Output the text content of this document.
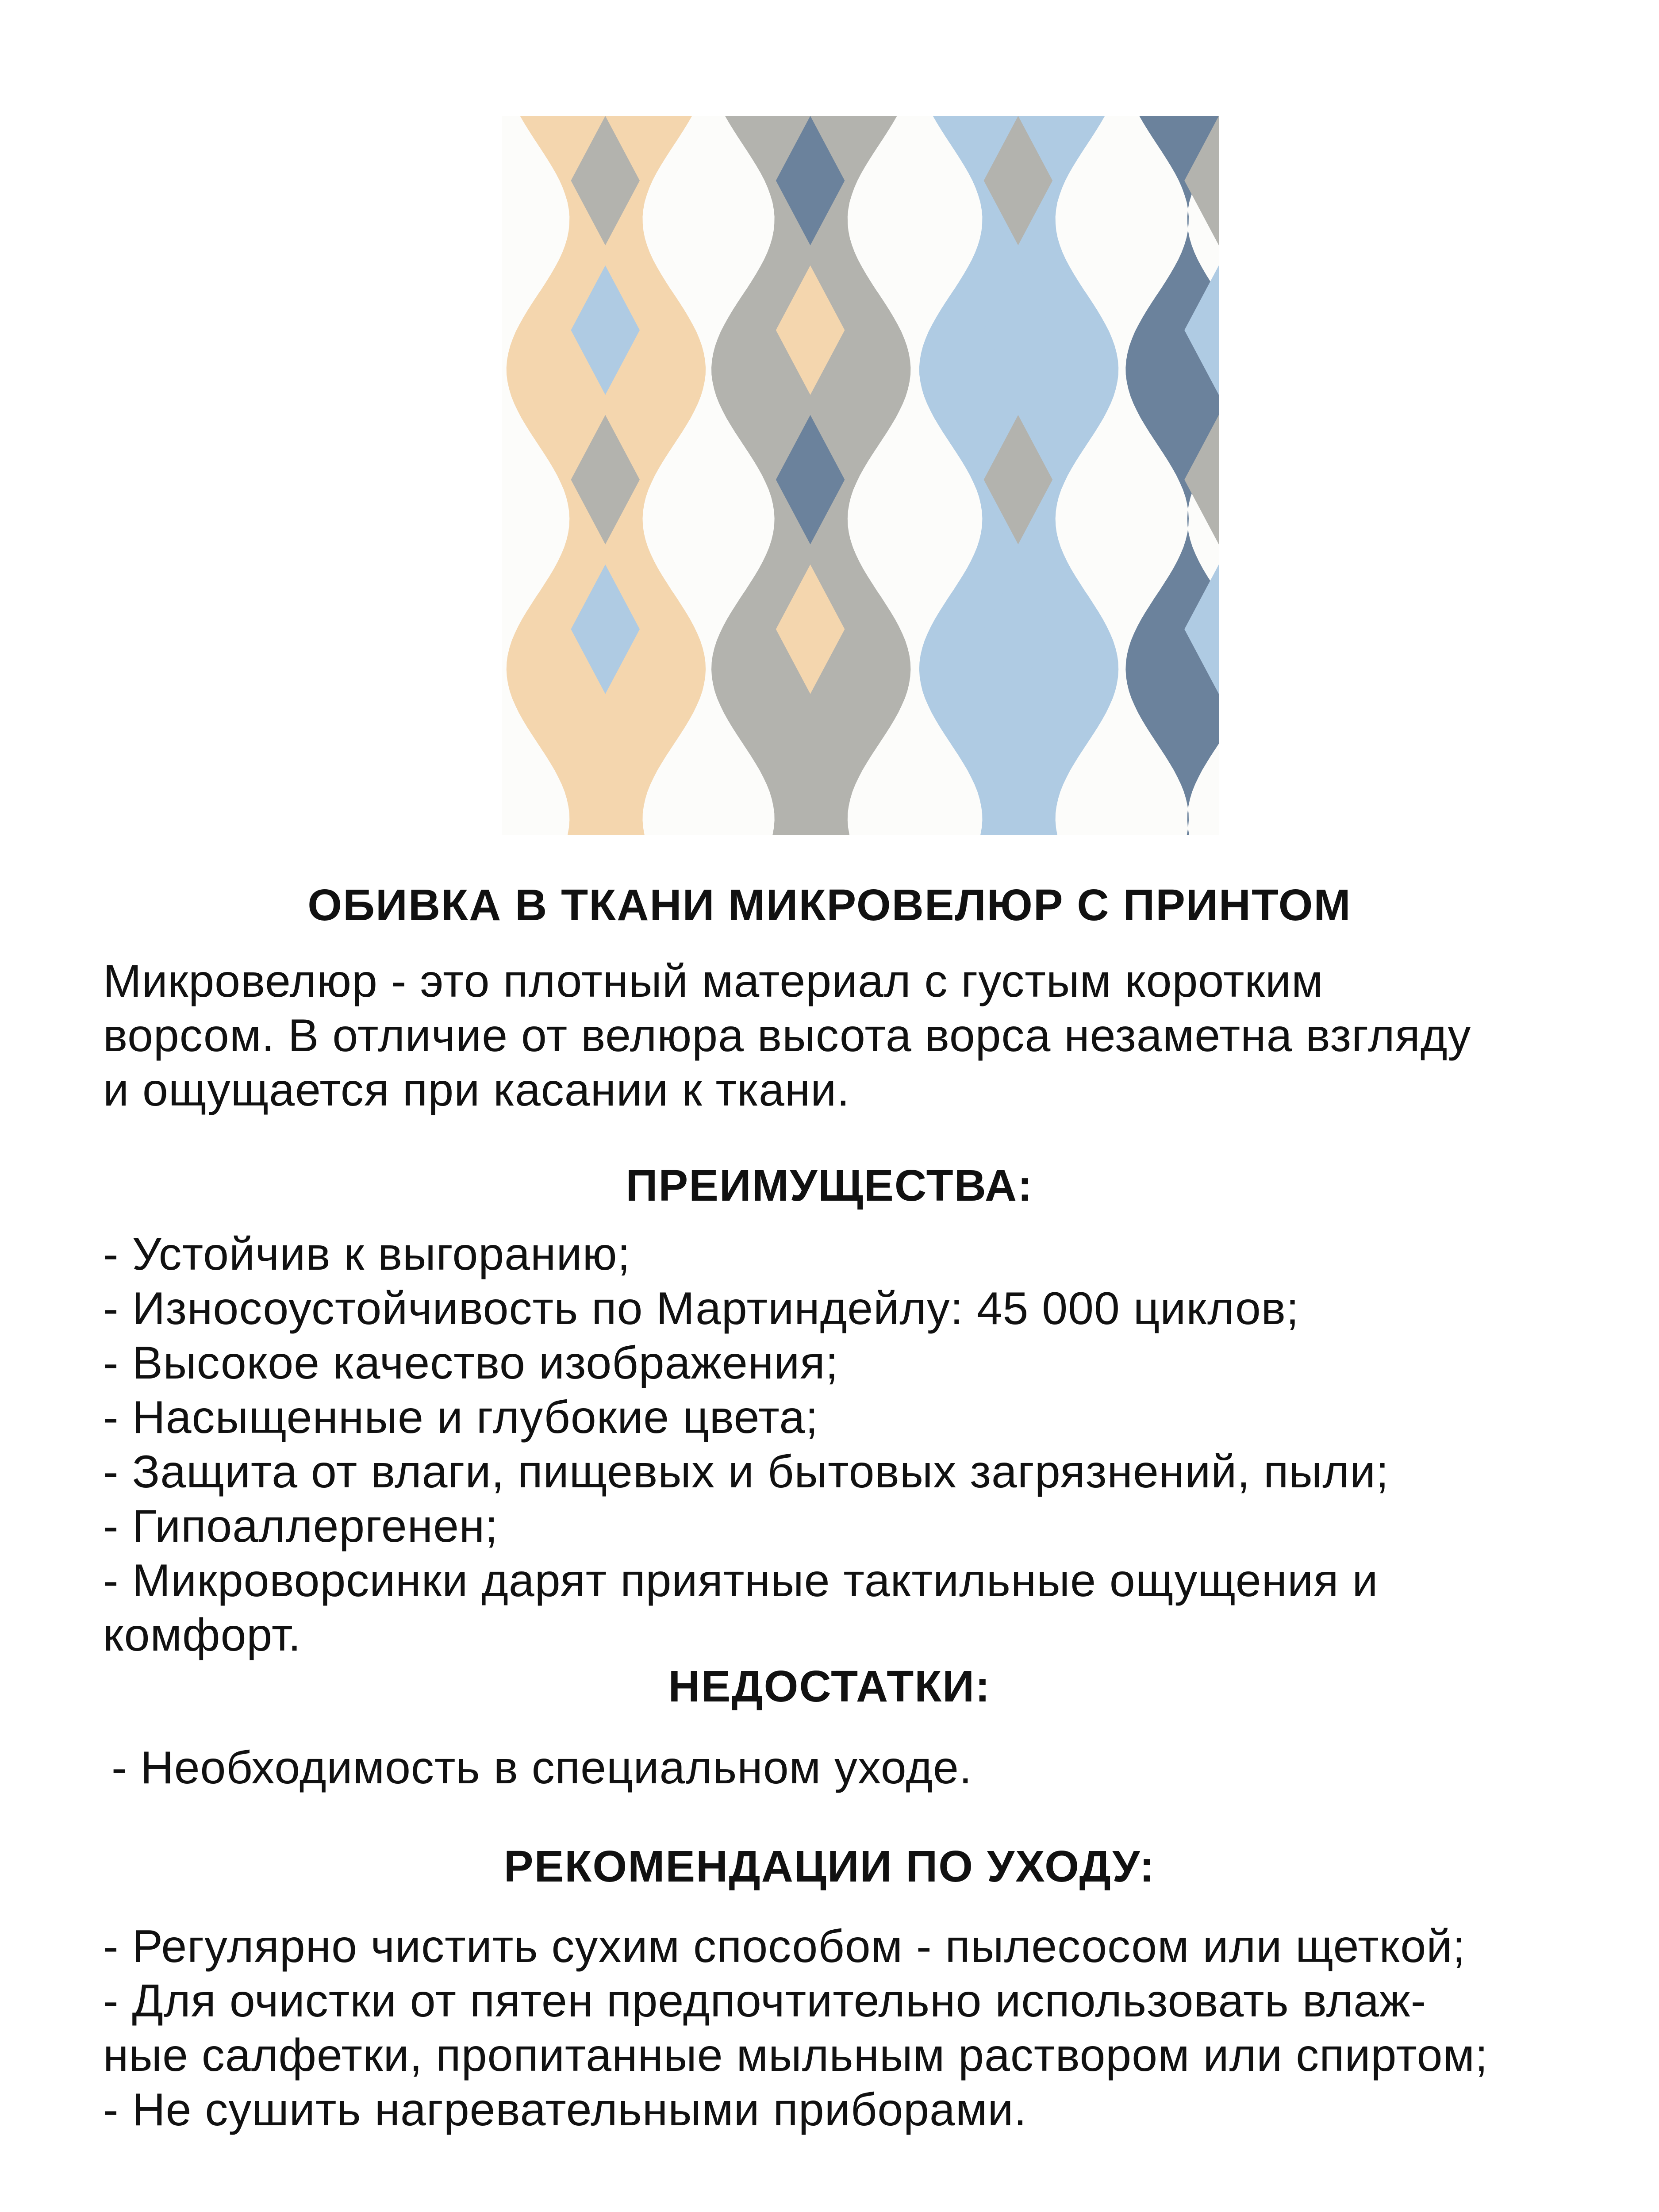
ОБИВКА В ТКАНИ МИКРОВЕЛЮР С ПРИНТОМ
Микровелюр - это плотный материал с густым коротким
ворсом. В отличие от велюра высота ворса незаметна взгляду
и ощущается при касании к ткани.
ПРЕИМУЩЕСТВА:
- Устойчив к выгоранию;
- Износоустойчивость по Мартиндейлу: 45 000 циклов;
- Высокое качество изображения;
- Насыщенные и глубокие цвета;
- Защита от влаги, пищевых и бытовых загрязнений, пыли;
- Гипоаллергенен;
- Микроворсинки дарят приятные тактильные ощущения и
комфорт.
НЕДОСТАТКИ:
- Необходимость в специальном уходе.
РЕКОМЕНДАЦИИ ПО УХОДУ:
- Регулярно чистить сухим способом - пылесосом или щеткой;
- Для очистки от пятен предпочтительно использовать влаж-
ные салфетки, пропитанные мыльным раствором или спиртом;
- Не сушить нагревательными приборами.
